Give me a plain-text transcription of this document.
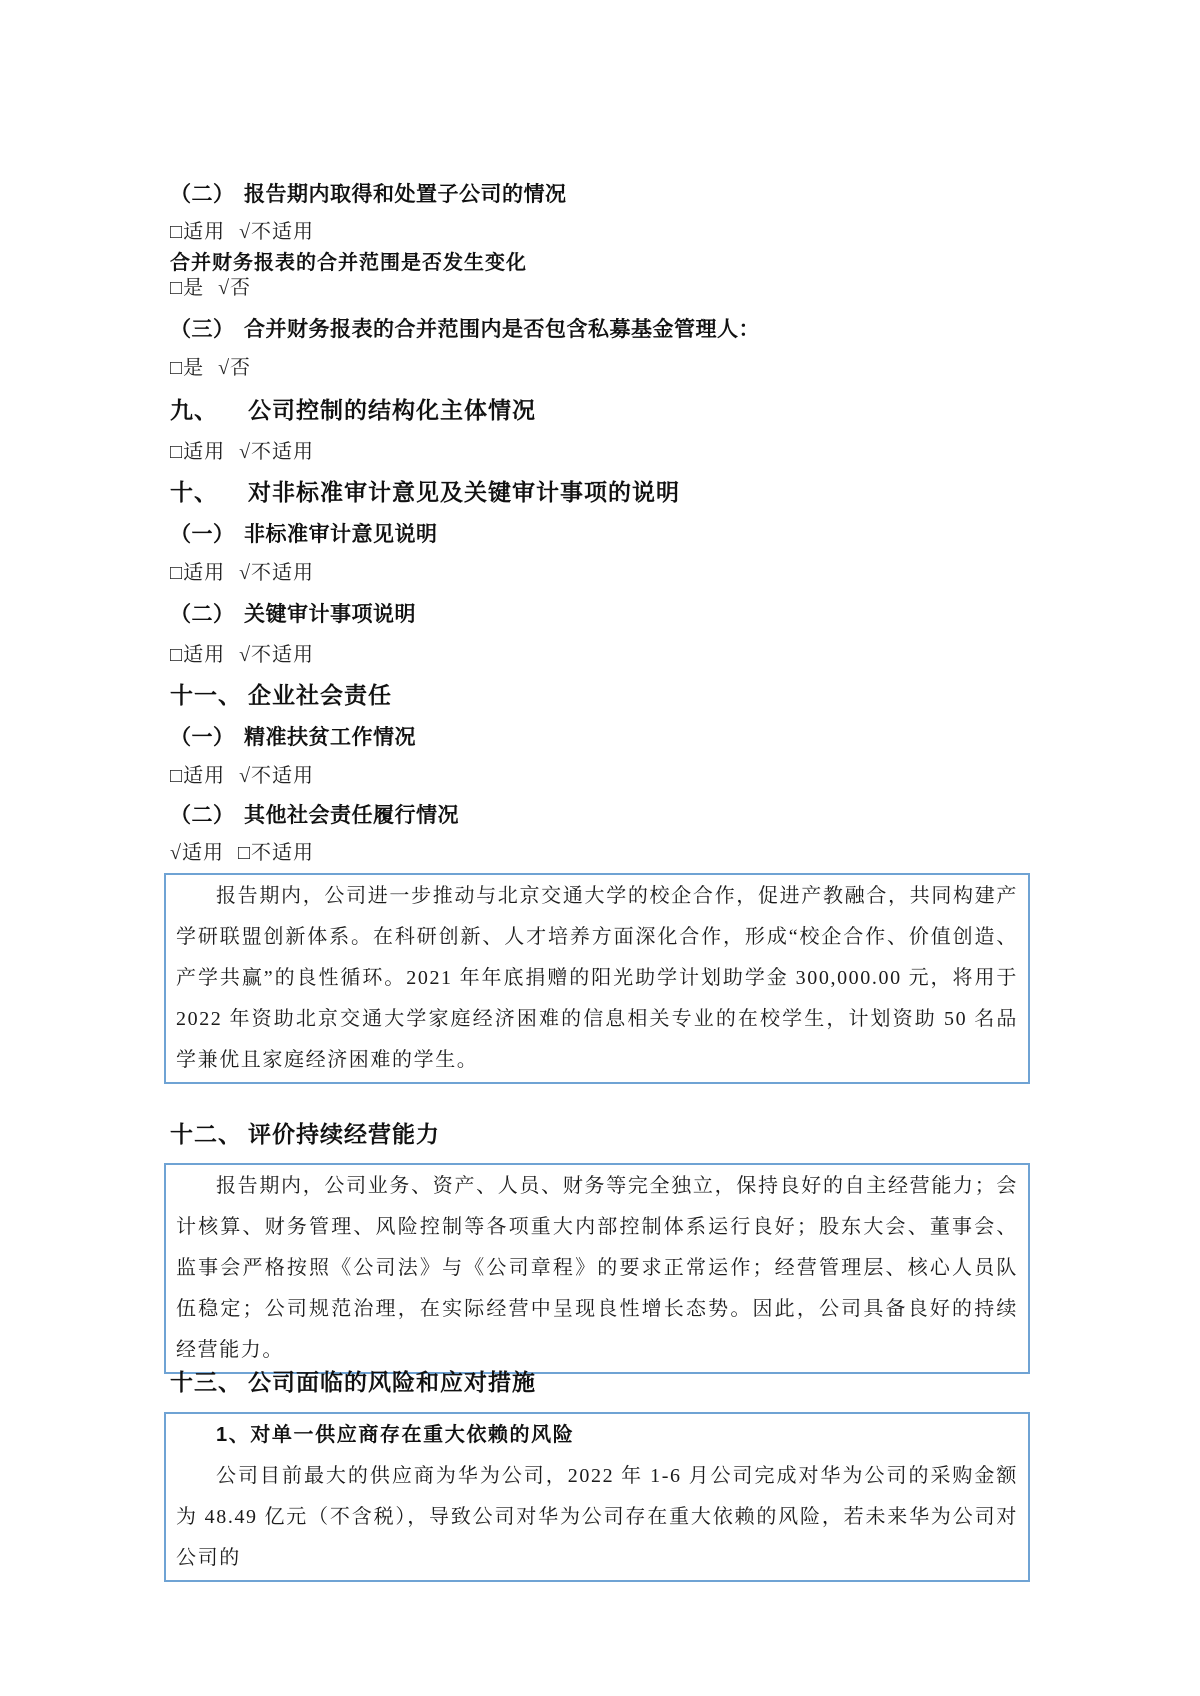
（二） 报告期内取得和处置子公司的情况
□适用 √不适用
合并财务报表的合并范围是否发生变化
□是 √否
（三） 合并财务报表的合并范围内是否包含私募基金管理人：
□是 √否
九、	公司控制的结构化主体情况
□适用 √不适用
十、	对非标准审计意见及关键审计事项的说明
（一） 非标准审计意见说明
□适用 √不适用
（二） 关键审计事项说明
□适用 √不适用
十一、 企业社会责任
（一） 精准扶贫工作情况
□适用 √不适用
（二） 其他社会责任履行情况
√适用 □不适用

报告期内，公司进一步推动与北京交通大学的校企合作，促进产教融合，共同构建产学研联盟创新体系。在科研创新、人才培养方面深化合作，形成“校企合作、价值创造、产学共赢”的良性循环。2021 年年底捐赠的阳光助学计划助学金 300,000.00 元，将用于 2022 年资助北京交通大学家庭经济困难的信息相关专业的在校学生，计划资助 50 名品学兼优且家庭经济困难的学生。

十二、 评价持续经营能力

报告期内，公司业务、资产、人员、财务等完全独立，保持良好的自主经营能力；会计核算、财务管理、风险控制等各项重大内部控制体系运行良好；股东大会、董事会、监事会严格按照《公司法》与《公司章程》的要求正常运作；经营管理层、核心人员队伍稳定；公司规范治理，在实际经营中呈现良性增长态势。因此，公司具备良好的持续经营能力。

十三、 公司面临的风险和应对措施

1、对单一供应商存在重大依赖的风险

公司目前最大的供应商为华为公司，2022 年 1-6 月公司完成对华为公司的采购金额为 48.49 亿元（不含税），导致公司对华为公司存在重大依赖的风险，若未来华为公司对公司的
